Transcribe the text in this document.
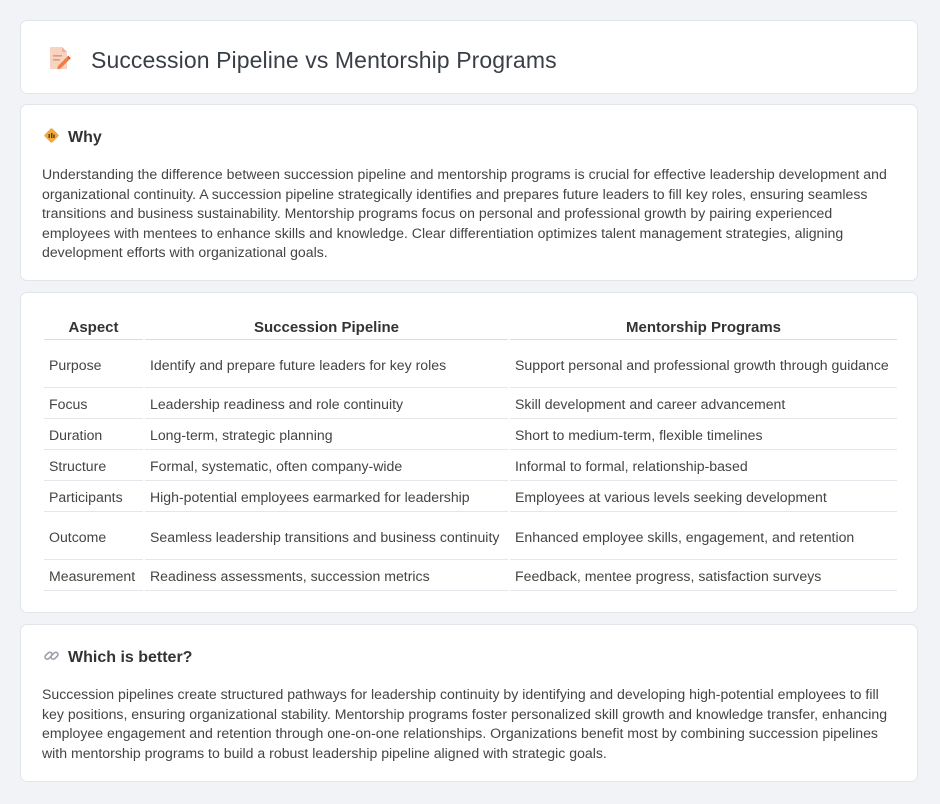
Succession Pipeline vs Mentorship Programs
Why

Understanding the difference between succession pipeline and mentorship programs is crucial for effective leadership development and organizational continuity. A succession pipeline strategically identifies and prepares future leaders to fill key roles, ensuring seamless transitions and business sustainability. Mentorship programs focus on personal and professional growth by pairing experienced employees with mentees to enhance skills and knowledge. Clear differentiation optimizes talent management strategies, aligning development efforts with organizational goals.

Aspect	Succession Pipeline	Mentorship Programs
Purpose	Identify and prepare future leaders for key roles	Support personal and professional growth through guidance
Focus	Leadership readiness and role continuity	Skill development and career advancement
Duration	Long-term, strategic planning	Short to medium-term, flexible timelines
Structure	Formal, systematic, often company-wide	Informal to formal, relationship-based
Participants	High-potential employees earmarked for leadership	Employees at various levels seeking development
Outcome	Seamless leadership transitions and business continuity	Enhanced employee skills, engagement, and retention
Measurement	Readiness assessments, succession metrics	Feedback, mentee progress, satisfaction surveys
Which is better?

Succession pipelines create structured pathways for leadership continuity by identifying and developing high-potential employees to fill key positions, ensuring organizational stability. Mentorship programs foster personalized skill growth and knowledge transfer, enhancing employee engagement and retention through one-on-one relationships. Organizations benefit most by combining succession pipelines with mentorship programs to build a robust leadership pipeline aligned with strategic goals.
